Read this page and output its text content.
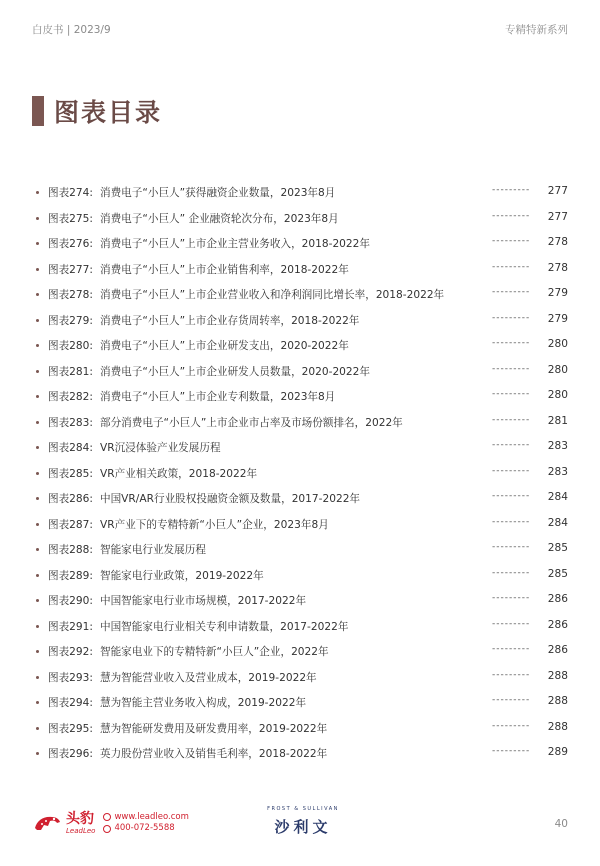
白皮书 | 2023/9	专精特新系列
图表目录
图表274: 消费电子“小巨人”获得融资企业数量，2023年8月	---------	277
图表275: 消费电子“小巨人” 企业融资轮次分布，2023年8月	---------	277
图表276: 消费电子“小巨人”上市企业主营业务收入，2018-2022年	---------	278
图表277: 消费电子“小巨人”上市企业销售利率，2018-2022年	---------	278
图表278: 消费电子“小巨人”上市企业营业收入和净利润同比增长率，2018-2022年	---------	279
图表279: 消费电子“小巨人”上市企业存货周转率，2018-2022年	---------	279
图表280: 消费电子“小巨人”上市企业研发支出，2020-2022年	---------	280
图表281: 消费电子“小巨人”上市企业研发人员数量，2020-2022年	---------	280
图表282: 消费电子“小巨人”上市企业专利数量，2023年8月	---------	280
图表283: 部分消费电子“小巨人”上市企业市占率及市场份额排名，2022年	---------	281
图表284: VR沉浸体验产业发展历程	---------	283
图表285: VR产业相关政策，2018-2022年	---------	283
图表286: 中国VR/AR行业股权投融资金额及数量，2017-2022年	---------	284
图表287: VR产业下的专精特新“小巨人”企业，2023年8月	---------	284
图表288: 智能家电行业发展历程	---------	285
图表289: 智能家电行业政策，2019-2022年	---------	285
图表290: 中国智能家电行业市场规模，2017-2022年	---------	286
图表291: 中国智能家电行业相关专利申请数量，2017-2022年	---------	286
图表292: 智能家电业下的专精特新“小巨人”企业，2022年	---------	286
图表293: 慧为智能营业收入及营业成本，2019-2022年	---------	288
图表294: 慧为智能主营业务收入构成，2019-2022年	---------	288
图表295: 慧为智能研发费用及研发费用率，2019-2022年	---------	288
图表296: 英力股份营业收入及销售毛利率，2018-2022年	---------	289
头豹
LeadLeo
www.leadleo.com
400-072-5588
FROST & SULLIVAN
沙利文	40
